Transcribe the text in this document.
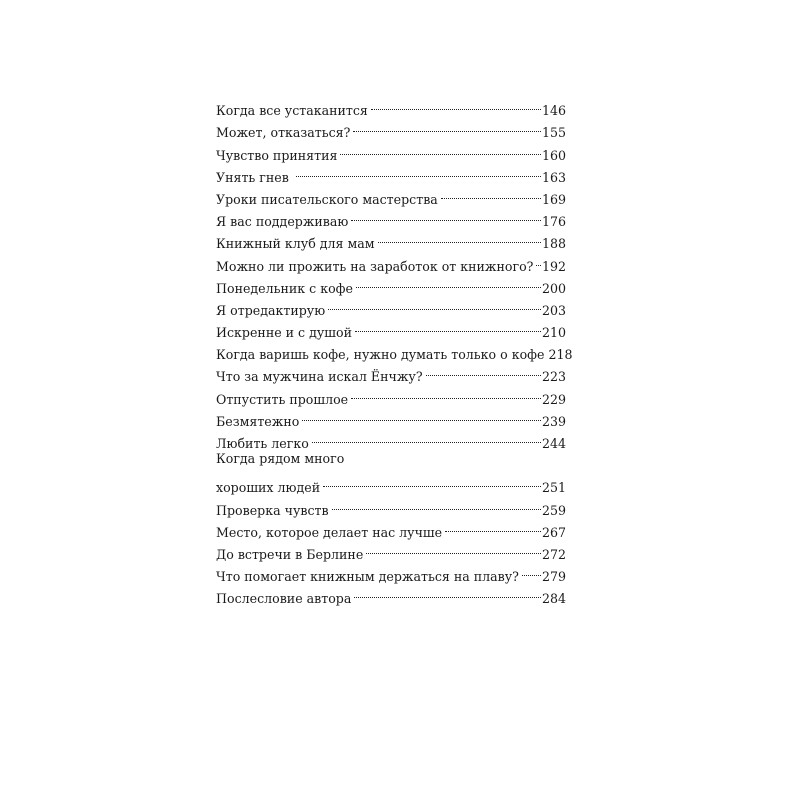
Когда все устаканится	146
Может, отказаться?	155
Чувство принятия	160
Унять гнев	163
Уроки писательского мастерства	169
Я вас поддерживаю	176
Книжный клуб для мам	188
Можно ли прожить на заработок от книжного? 192
Понедельник с кофе	200
Я отредактирую	203
Искренне и с душой	210
Когда варишь кофе, нужно думать только о кофе 218
Что за мужчина искал Ёнчжу?	223
Отпустить прошлое	229
Безмятежно	239
Любить легко	244
Когда рядом много
хороших людей	251
Проверка чувств	259
Место, которое делает нас лучше	267
До встречи в Берлине	272
Что помогает книжным держаться на плаву? 279
Послесловие автора	284
